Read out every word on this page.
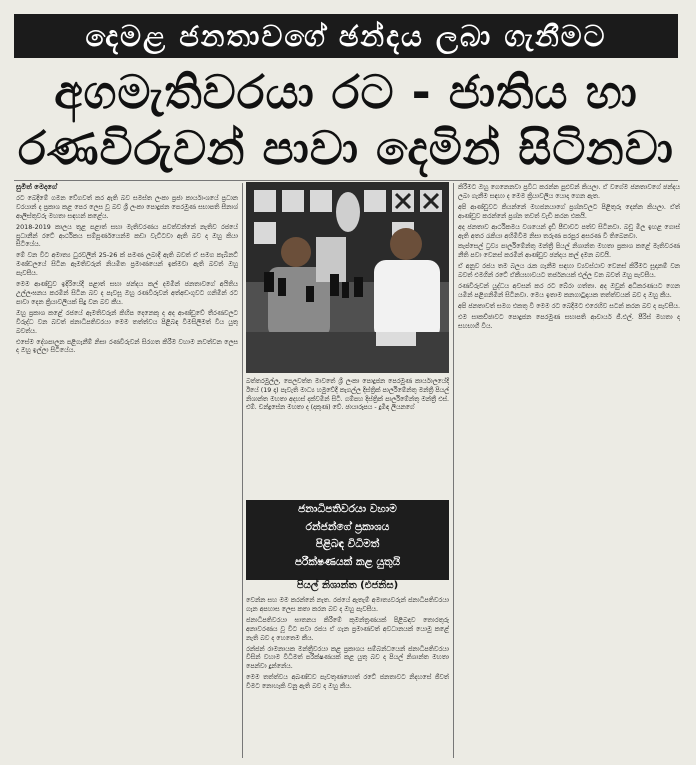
දෙමළ ජනතාවගේ ඡන්දය ලබා ගැනීමට
අගමැතිවරයා රට - ජාතිය හා
රණවිරුවන් පාවා දෙමින් සිටිනවා

සුමිත් මෙදගේ

රට බෙදීමේ ගමන වේගවත් කර ඇති බව සමස්ත ලංකා ප්‍රජා කාර්යාංශයේ ප්‍රධාන වරයාන් ද ප්‍රකාශ කළ පෙර ලෙස වූ බව ශ්‍රී ලංකා පොදුජන පෙරමුණ සභාපති සීනාශ් ආලිස්තුවරු මහතා සඳහන් කළේය.

2018-2019 කාලය තුළ පළාත් සභා මැතිවරණය පවත්වන්නේ නැතිව රජයේ ප්‍රධානීන් රටේ ආර්ථිකය සම්පූර්ණයෙන්ම කඩා වැට්ටවා ඇති බව ද ඔහු කියා සිටියේය.

මේ වන විට අමාත්‍ය ධුරවලින් 25-26 ක් පමණ ලබාදී ඇති බවත් ඒ සමග කැබිනට් මණ්ඩලයේ සිටින ඇමතිවරුන් නියමිත ප්‍රමාණයෙන් ඉක්මවා ඇති බවත් ඔහු පැවසීය.

මෙම ආණ්ඩුව ඉදිරියේදී පළාත් සභා ඡන්දය කල් දමමින් ජනතාවගේ අයිතිය උල්ලංඝනය කරමින් සිටින බව ද පැවසූ ඔහු රණවිරුවන් අත්අඩංගුවට ගනිමින් රට පාවා දෙන ක්‍රියාවලියක් සිදු වන බව කීය.

ඔහු ප්‍රකාශ කළේ රජයේ ඇමතිවරුන් කිහිප දෙනෙකු ද අද ආණ්ඩුවේ තීරණවලට විරුද්ධ වන බවත් ජනාධිපතිවරයා මෙම තත්ත්වය පිළිබඳ විමසිලිමත් විය යුතු බවත්ය.

එසේම දේශපාලන පළිගැනීම් නිසා රණවිරුවන් සිරගත කිරීම වහාම නවත්වන ලෙස ද ඔහු ඉල්ලා සිටියේය.

බත්තරමුල්ල, පෙලවත්ත මාවතේ ශ්‍රී ලංකා පොදුජන පෙරමුණ කාර්යාලයේදී ඊයේ (19 දා) පැවැති මාධ්‍ය හමුවේදී කැගල්ල දිස්ත්‍රික් පාර්ලිමේන්තු මන්ත්‍රී පියල් නිශාන්ත මහතා අදහස් දක්වමින් සිටී. ගම්පහ දිස්ත්‍රික් පාර්ලිමේන්තු මන්ත්‍රී එස්. එම්. චන්ද්‍රසේන මහතා ද (දකුණ) වේ. ඡායාරූපය - දුමිඳ ලියනගේ
ජනාධිපතිවරයා වහාම
රන්ජන්ගේ ප්‍රකාශය
පිළිබඳ විධිමත්
පරීක්ෂණයක් කළ යුතුයි
පියල් නිශාන්ත (එජනිස)

වෙන්න සහ මම කරන්නේ නැත. රජයේ ඇතැම් අමාත්‍යවරුන් ජනාධිපතිවරයා ගැන අපහාස ලෙස කතා කරන බව ද ඔහු පැවසීය.

ජනාධිපතිවරයා ඝාතනය කිරීමේ කුමන්ත්‍රණයක් පිළිබඳව තොරතුරු අනාවරණය වූ විට පවා රජය ඒ ගැන ප්‍රමාණවත් අවධානයක් යොමු කළේ නැති බව ද හෙතෙම කීය.

රන්ජන් රාමනායක මන්ත්‍රීවරයා කළ ප්‍රකාශය සම්බන්ධයෙන් ජනාධිපතිවරයා විසින් වහාම විධිමත් පරීක්ෂණයක් කළ යුතු බව ද පියල් නිශාන්ත මහතා පෙන්වා දුන්නේය.

මෙම තත්ත්වය අඛණ්ඩව පැවතුණහොත් රටේ ජනතාවට නිදහසේ ජීවත් වීමට නොහැකි වනු ඇති බව ද ඔහු කීය.

කිරීමට ඔහු ගෙනෙනවා ප්‍රවිධ කරන්න පුළුවන් කියලා. ඒ වගේම ජනතාවගේ ඡන්දය ලබා ගැනීම සඳහා ද මෙම ක්‍රියාවලිය යොදා ගෙන ඇත.

අපි ආණ්ඩුවට කියන්නේ මහජනයාගේ ප්‍රශ්නවලට පිළිතුරු දෙන්න කියලා. ඒත් ආණ්ඩුව කරන්නේ ප්‍රශ්න තවත් වැඩි කරන එකයි.

අද ජනතාව ආර්ථිකමය වශයෙන් දැඩි පීඩාවට පත්ව සිටිනවා. බඩු මිල ඉහළ ගොස් ඇති අතර රැකියා අහිමිවීම නිසා තරුණ පරපුර අසරණ වී තිබෙනවා.

කැප්සෙල් ධ්‍රව්‍ය පාර්ලිමේන්තු මන්ත්‍රී පියල් නිශාන්ත මහතා ප්‍රකාශ කළේ මැතිවරණ නීති පවා වෙනස් කරමින් ආණ්ඩුව ඡන්දය කල් දමන බවයි.

ඒ අනුව රජය තම බලය රැක ගැනීම සඳහා ව්‍යවස්ථාව වෙනස් කිරීමට සූදානම් වන බවත් එමගින් රටේ ඒකීයභාවයට තර්ජනයක් එල්ල වන බවත් ඔහු පැවසීය.

රණවිරුවන් යුද්ධය අවසන් කර රට බේරා ගත්තා. අද ඔවුන් අධිකරණයට ගෙන යමින් පළිගනිමින් සිටිනවා. මෙය ඉතාම කනගාටුදායක තත්ත්වයක් බව ද ඔහු කීය.

අපි ජනතාවත් සමග එකතු වී මෙම රට බෙදීමට එරෙහිව සටන් කරන බව ද පැවසීය.

එම සාකච්ඡාවට පොදුජන පෙරමුණ සභාපති ආචාර්ය ජී.එල්. පීරිස් මහතා ද සහභාගී විය.
